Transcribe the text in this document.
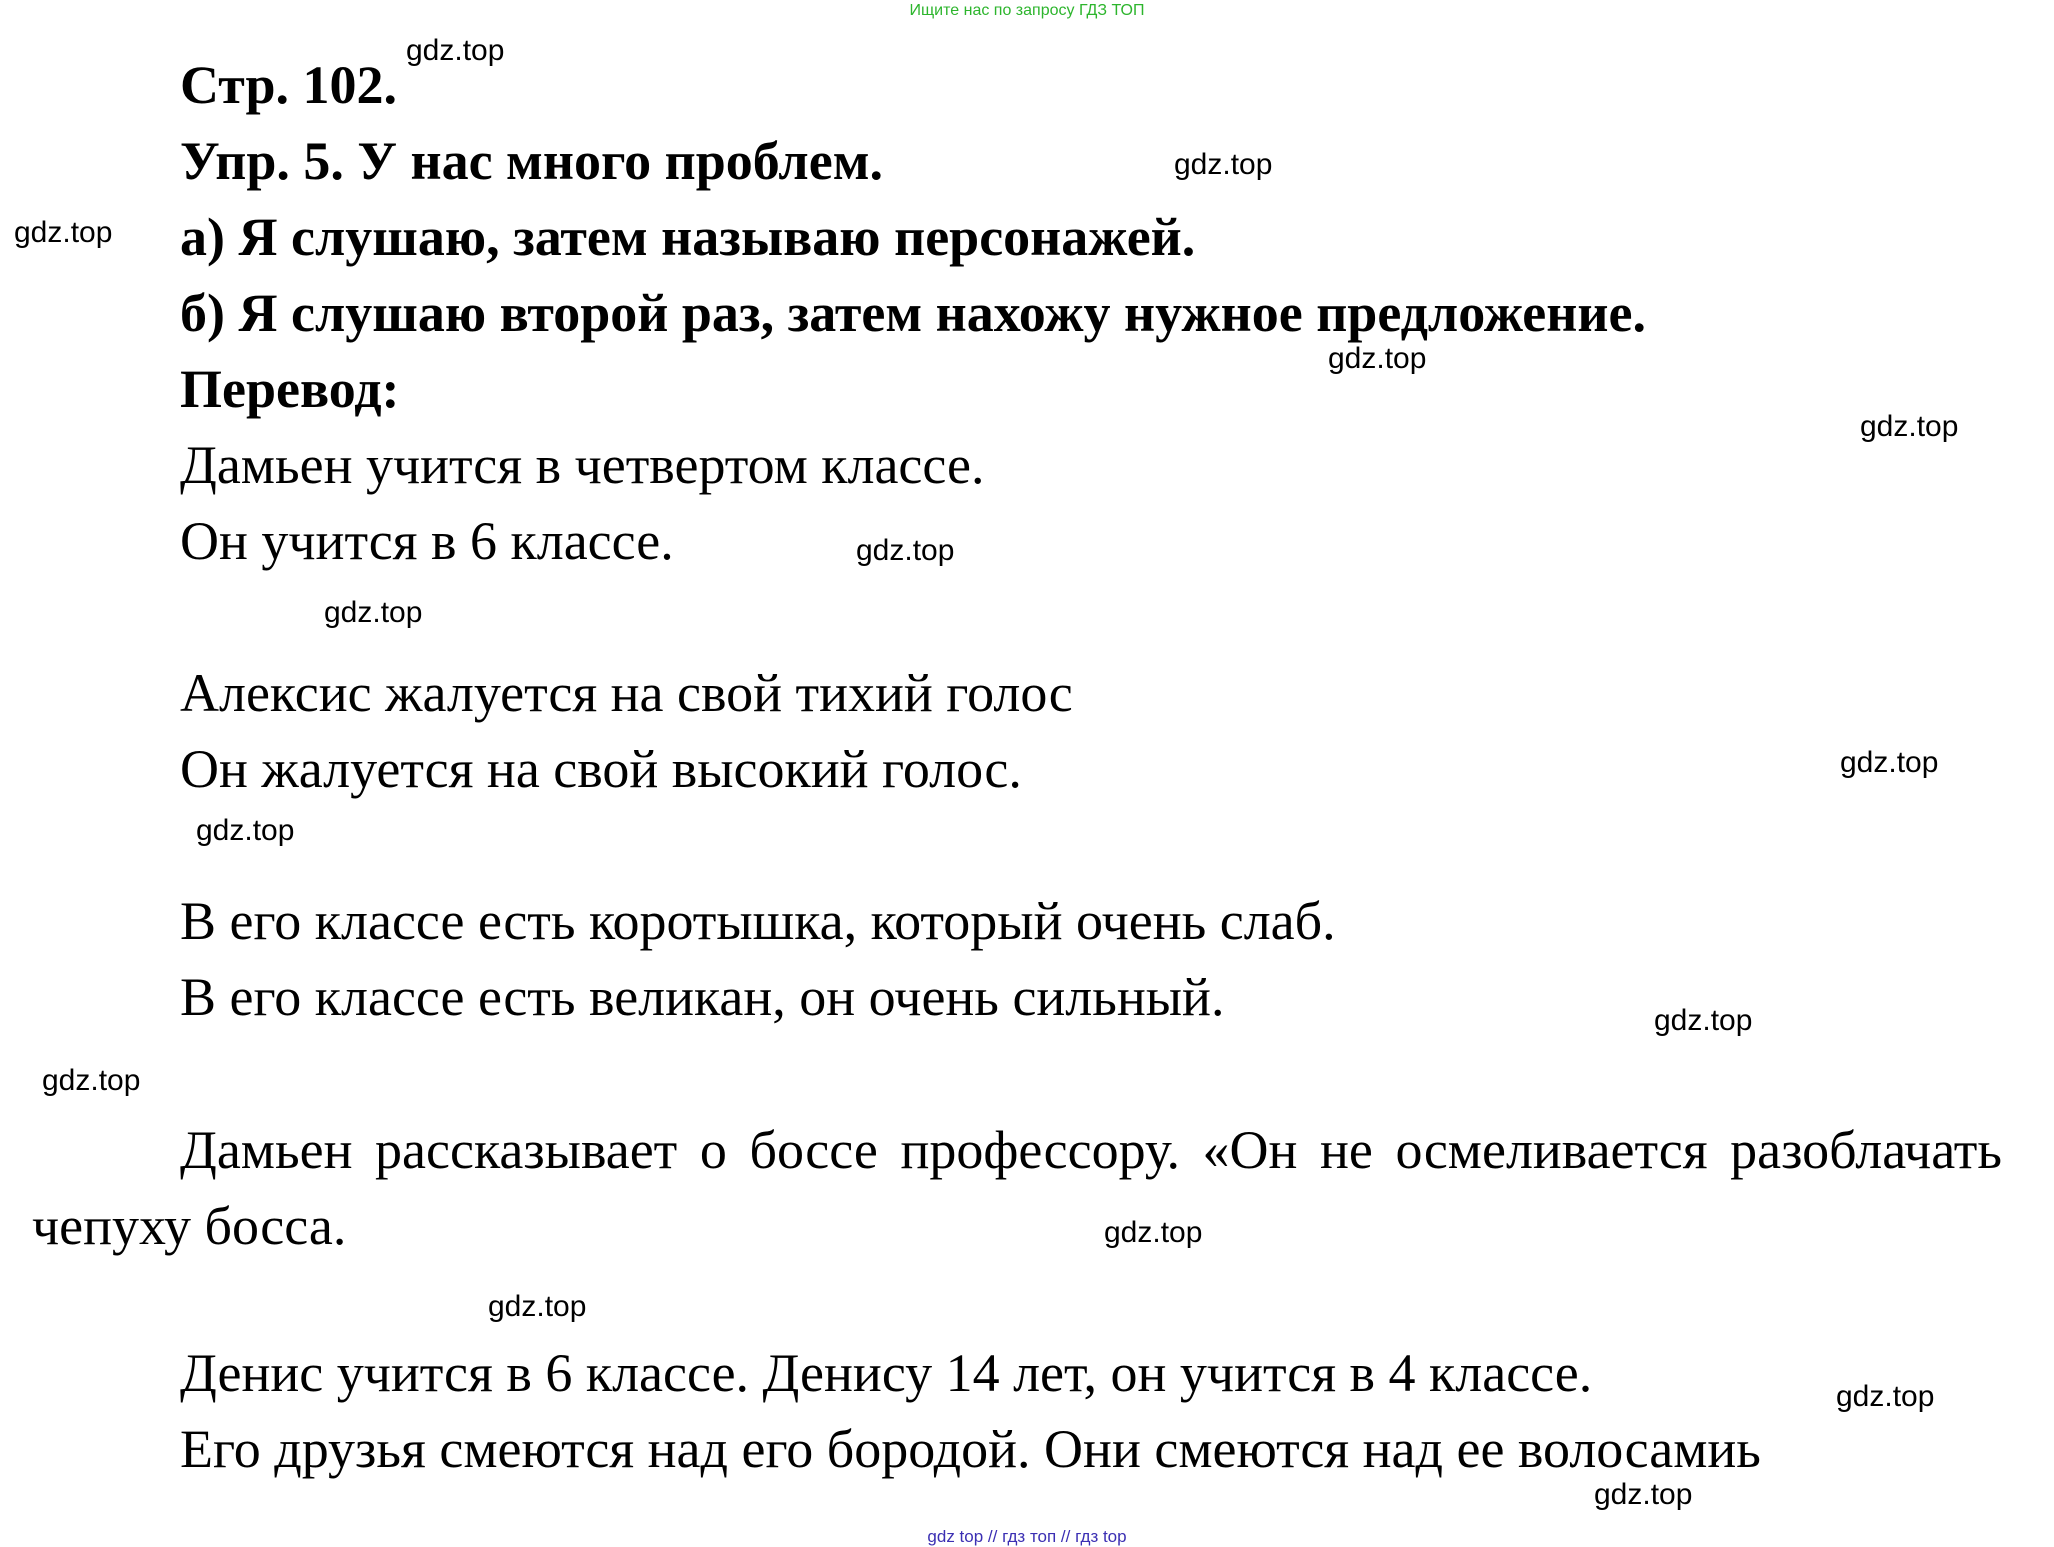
Ищите нас по запросу ГДЗ ТОП
Стр. 102.
Упр. 5. У нас много проблем.
а) Я слушаю, затем называю персонажей.
б) Я слушаю второй раз, затем нахожу нужное предложение.
Перевод:
Дамьен учится в четвертом классе.
Он учится в 6 классе.
Алексис жалуется на свой тихий голос
Он жалуется на свой высокий голос.
В его классе есть коротышка, который очень слаб.
В его классе есть великан, он очень сильный.
Дамьен рассказывает о боссе профессору. «Он не осмеливается разоблачать чепуху босса.
Денис учится в 6 классе. Денису 14 лет, он учится в 4 классе.
Его друзья смеются над его бородой. Они смеются над ее волосамиь
gdz.top
gdz.top
gdz.top
gdz.top
gdz.top
gdz.top
gdz.top
gdz.top
gdz.top
gdz.top
gdz.top
gdz.top
gdz.top
gdz.top
gdz.top
gdz top // гдз топ // гдз top
